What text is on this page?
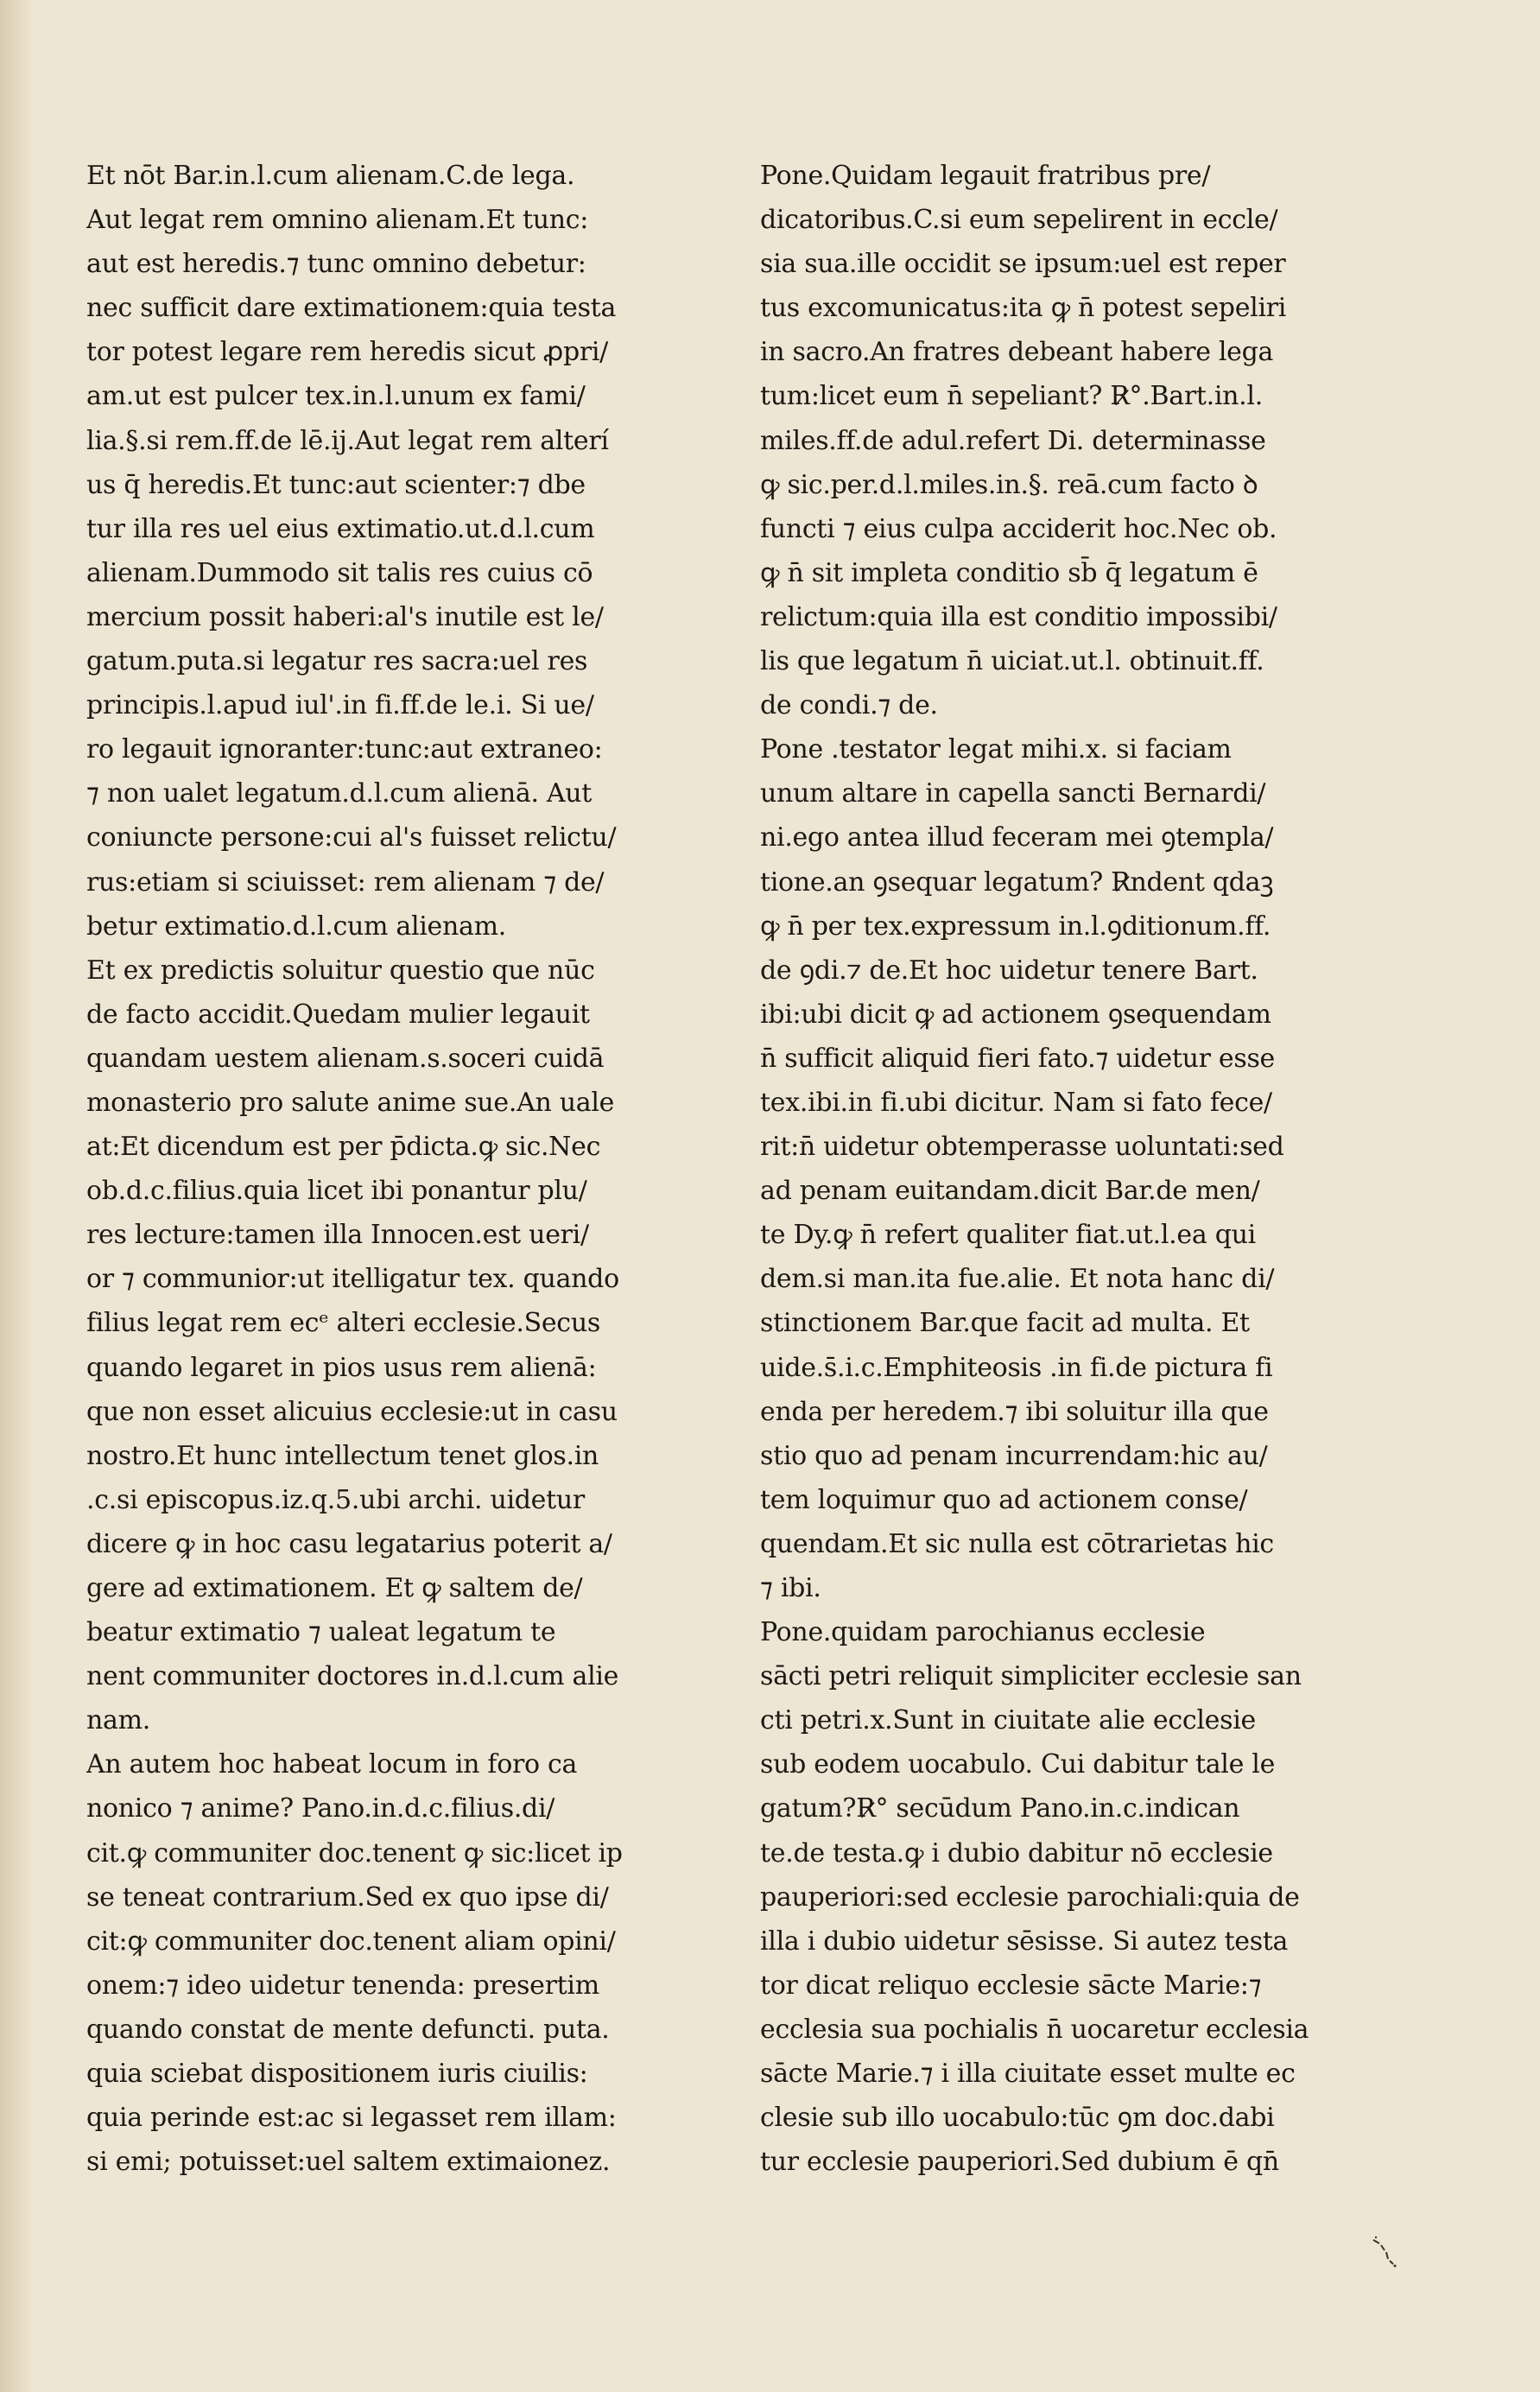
Et nōt Bar.in.l.cum alienam.C.de lega.
Aut legat rem omnino alienam.Et tunc:
aut est heredis.⁊ tunc omnino debetur:
nec sufficit dare extimationem:quia testa
tor potest legare rem heredis sicut ꝓpri/
am.ut est pulcer tex.in.l.unum ex fami/
lia.§.si rem.ff.de lē.ij.Aut legat rem alterí
us q̄ heredis.Et tunc:aut scienter:⁊ dbe
tur illa res uel eius extimatio.ut.d.l.cum
alienam.Dummodo sit talis res cuius cō
mercium possit haberi:al's inutile est le/
gatum.puta.si legatur res sacra:uel res
principis.l.apud iul'.in fi.ff.de le.i. Si ue/
ro legauit ignoranter:tunc:aut extraneo:
⁊ non ualet legatum.d.l.cum alienā. Aut
coniuncte persone:cui al's fuisset relictu/
rus:etiam si sciuisset: rem alienam ⁊ de/
betur extimatio.d.l.cum alienam.
Et ex predictis soluitur questio que nūc
de facto accidit.Quedam mulier legauit
quandam uestem alienam.s.soceri cuidā
monasterio pro salute anime sue.An uale
at:Et dicendum est per p̄dicta.ꝙ sic.Nec
ob.d.c.filius.quia licet ibi ponantur plu/
res lecture:tamen illa Innocen.est ueri/
or ⁊ communior:ut itelligatur tex. quando
filius legat rem ecᵉ alteri ecclesie.Secus
quando legaret in pios usus rem alienā:
que non esset alicuius ecclesie:ut in casu
nostro.Et hunc intellectum tenet glos.in
.c.si episcopus.iz.q.5.ubi archi. uidetur
dicere ꝙ in hoc casu legatarius poterit a/
gere ad extimationem. Et ꝙ saltem de/
beatur extimatio ⁊ ualeat legatum te
nent communiter doctores in.d.l.cum alie
nam.
An autem hoc habeat locum in foro ca
nonico ⁊ anime? Pano.in.d.c.filius.di/
cit.ꝙ communiter doc.tenent ꝙ sic:licet ip
se teneat contrarium.Sed ex quo ipse di/
cit:ꝙ communiter doc.tenent aliam opini/
onem:⁊ ideo uidetur tenenda: presertim
quando constat de mente defuncti. puta.
quia sciebat dispositionem iuris ciuilis:
quia perinde est:ac si legasset rem illam:
si emi; potuisset:uel saltem extimaionez.
Pone.Quidam legauit fratribus pre/
dicatoribus.C.si eum sepelirent in eccle/
sia sua.ille occidit se ipsum:uel est reper
tus excomunicatus:ita ꝙ n̄ potest sepeliri
in sacro.An fratres debeant habere lega
tum:licet eum n̄ sepeliant? R̷°.Bart.in.l.
miles.ff.de adul.refert Di. determinasse
ꝙ sic.per.d.l.miles.in.§. reā.cum facto ꝺ
functi ⁊ eius culpa acciderit hoc.Nec ob.
ꝙ n̄ sit impleta conditio sb̄ q̄ legatum ē
relictum:quia illa est conditio impossibi/
lis que legatum n̄ uiciat.ut.l. obtinuit.ff.
de condi.⁊ de.
Pone .testator legat mihi.x. si faciam
unum altare in capella sancti Bernardi/
ni.ego antea illud feceram mei ꝯtempla/
tione.an ꝯsequar legatum? R̷ndent qdaꝫ
ꝙ n̄ per tex.expressum in.l.ꝯditionum.ff.
de ꝯdi.⁊ de.Et hoc uidetur tenere Bart.
ibi:ubi dicit ꝙ ad actionem ꝯsequendam
n̄ sufficit aliquid fieri fato.⁊ uidetur esse
tex.ibi.in fi.ubi dicitur. Nam si fato fece/
rit:n̄ uidetur obtemperasse uoluntati:sed
ad penam euitandam.dicit Bar.de men/
te Dy.ꝙ n̄ refert qualiter fiat.ut.l.ea qui
dem.si man.ita fue.alie. Et nota hanc di/
stinctionem Bar.que facit ad multa. Et
uide.s̄.i.c.Emphiteosis .in fi.de pictura fi
enda per heredem.⁊ ibi soluitur illa que
stio quo ad penam incurrendam:hic au/
tem loquimur quo ad actionem conse/
quendam.Et sic nulla est cōtrarietas hic
⁊ ibi.
Pone.quidam parochianus ecclesie
sācti petri reliquit simpliciter ecclesie san
cti petri.x.Sunt in ciuitate alie ecclesie
sub eodem uocabulo. Cui dabitur tale le
gatum?R̷° secūdum Pano.in.c.indican
te.de testa.ꝙ i dubio dabitur nō ecclesie
pauperiori:sed ecclesie parochiali:quia de
illa i dubio uidetur sēsisse. Si autez testa
tor dicat reliquo ecclesie sācte Marie:⁊
ecclesia sua pochialis n̄ uocaretur ecclesia
sācte Marie.⁊ i illa ciuitate esset multe ec
clesie sub illo uocabulo:tūc ꝯm doc.dabi
tur ecclesie pauperiori.Sed dubium ē qn̄
